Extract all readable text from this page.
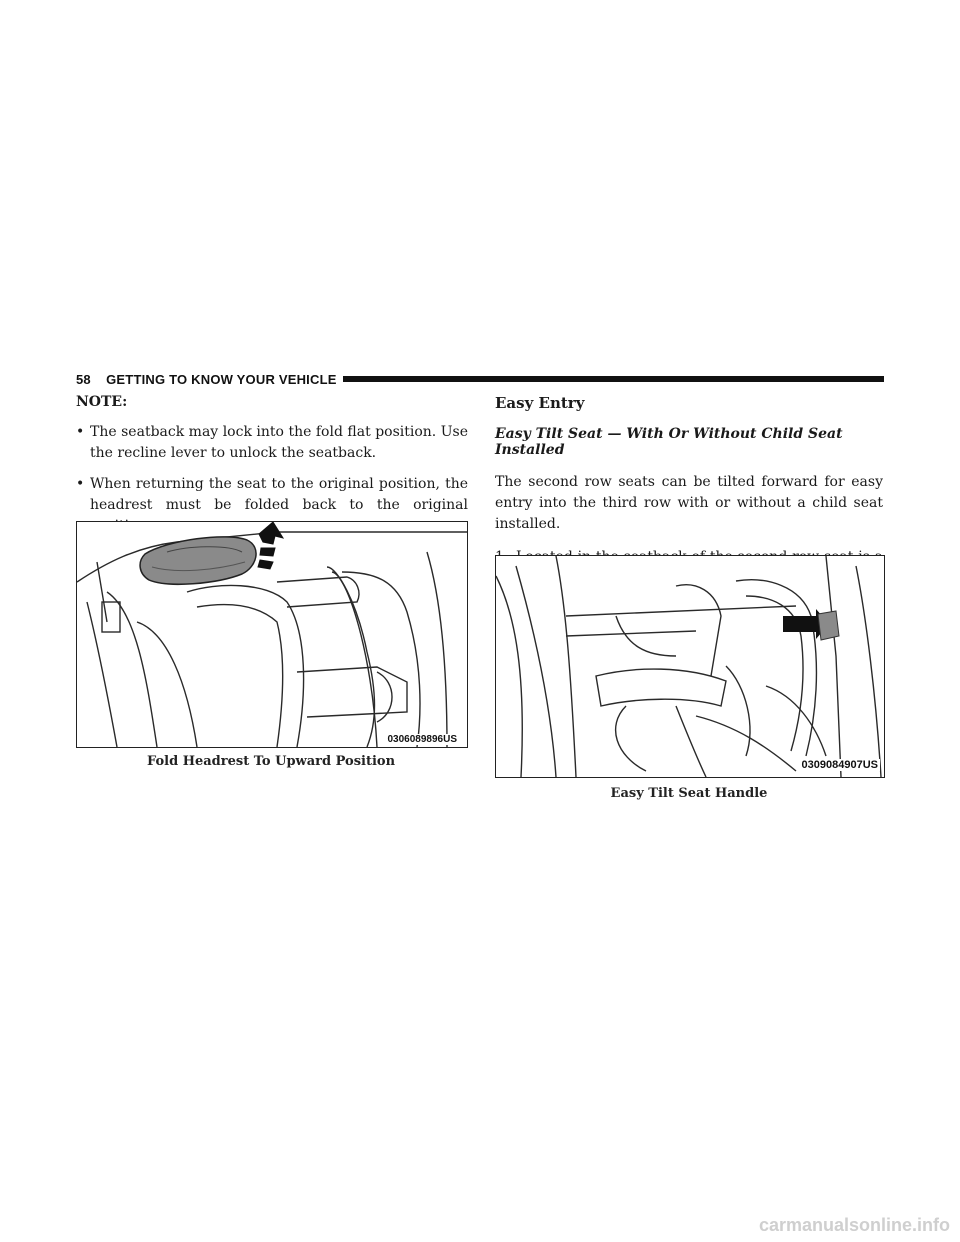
58 GETTING TO KNOW YOUR VEHICLE
NOTE:
• The seatback may lock into the fold flat position. Use the recline lever to unlock the seatback.
• When returning the seat to the original position, the headrest must be folded back to the original
0306089896US
Fold Headrest To Upward Position
Easy Entry
Easy Tilt Seat — With Or Without Child Seat Installed
The second row seats can be tilted forward for easy entry into the third row with or without a child seat installed.
0309084907US
Easy Tilt Seat Handle
carmanualsonline.info
